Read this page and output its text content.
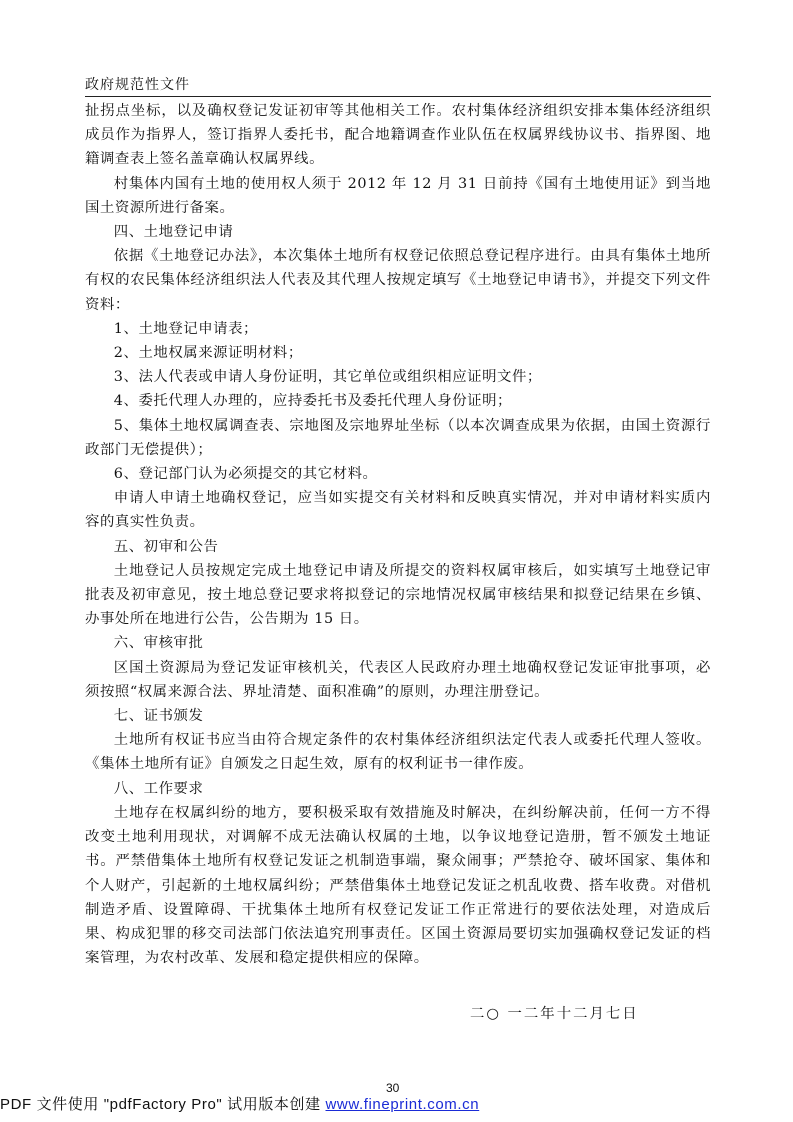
政府规范性文件

扯拐点坐标，以及确权登记发证初审等其他相关工作。农村集体经济组织安排本集体经济组织成员作为指界人，签订指界人委托书，配合地籍调查作业队伍在权属界线协议书、指界图、地籍调查表上签名盖章确认权属界线。

村集体内国有土地的使用权人须于 2012 年 12 月 31 日前持《国有土地使用证》到当地国土资源所进行备案。

四、土地登记申请

依据《土地登记办法》，本次集体土地所有权登记依照总登记程序进行。由具有集体土地所有权的农民集体经济组织法人代表及其代理人按规定填写《土地登记申请书》，并提交下列文件资料：

1、土地登记申请表；

2、土地权属来源证明材料；

3、法人代表或申请人身份证明，其它单位或组织相应证明文件；

4、委托代理人办理的，应持委托书及委托代理人身份证明；

5、集体土地权属调查表、宗地图及宗地界址坐标（以本次调查成果为依据，由国土资源行政部门无偿提供）；

6、登记部门认为必须提交的其它材料。

申请人申请土地确权登记，应当如实提交有关材料和反映真实情况，并对申请材料实质内容的真实性负责。

五、初审和公告

土地登记人员按规定完成土地登记申请及所提交的资料权属审核后，如实填写土地登记审批表及初审意见，按土地总登记要求将拟登记的宗地情况权属审核结果和拟登记结果在乡镇、办事处所在地进行公告，公告期为 15 日。

六、审核审批

区国土资源局为登记发证审核机关，代表区人民政府办理土地确权登记发证审批事项，必须按照“权属来源合法、界址清楚、面积准确”的原则，办理注册登记。

七、证书颁发

土地所有权证书应当由符合规定条件的农村集体经济组织法定代表人或委托代理人签收。《集体土地所有证》自颁发之日起生效，原有的权利证书一律作废。

八、工作要求

土地存在权属纠纷的地方，要积极采取有效措施及时解决，在纠纷解决前，任何一方不得改变土地利用现状，对调解不成无法确认权属的土地，以争议地登记造册，暂不颁发土地证书。严禁借集体土地所有权登记发证之机制造事端，聚众闹事；严禁抢夺、破坏国家、集体和个人财产，引起新的土地权属纠纷；严禁借集体土地登记发证之机乱收费、搭车收费。对借机制造矛盾、设置障碍、干扰集体土地所有权登记发证工作正常进行的要依法处理，对造成后果、构成犯罪的移交司法部门依法追究刑事责任。区国土资源局要切实加强确权登记发证的档案管理，为农村改革、发展和稳定提供相应的保障。

二○ 一二年十二月七日
30
PDF 文件使用 "pdfFactory Pro" 试用版本创建 www.fineprint.com.cn
